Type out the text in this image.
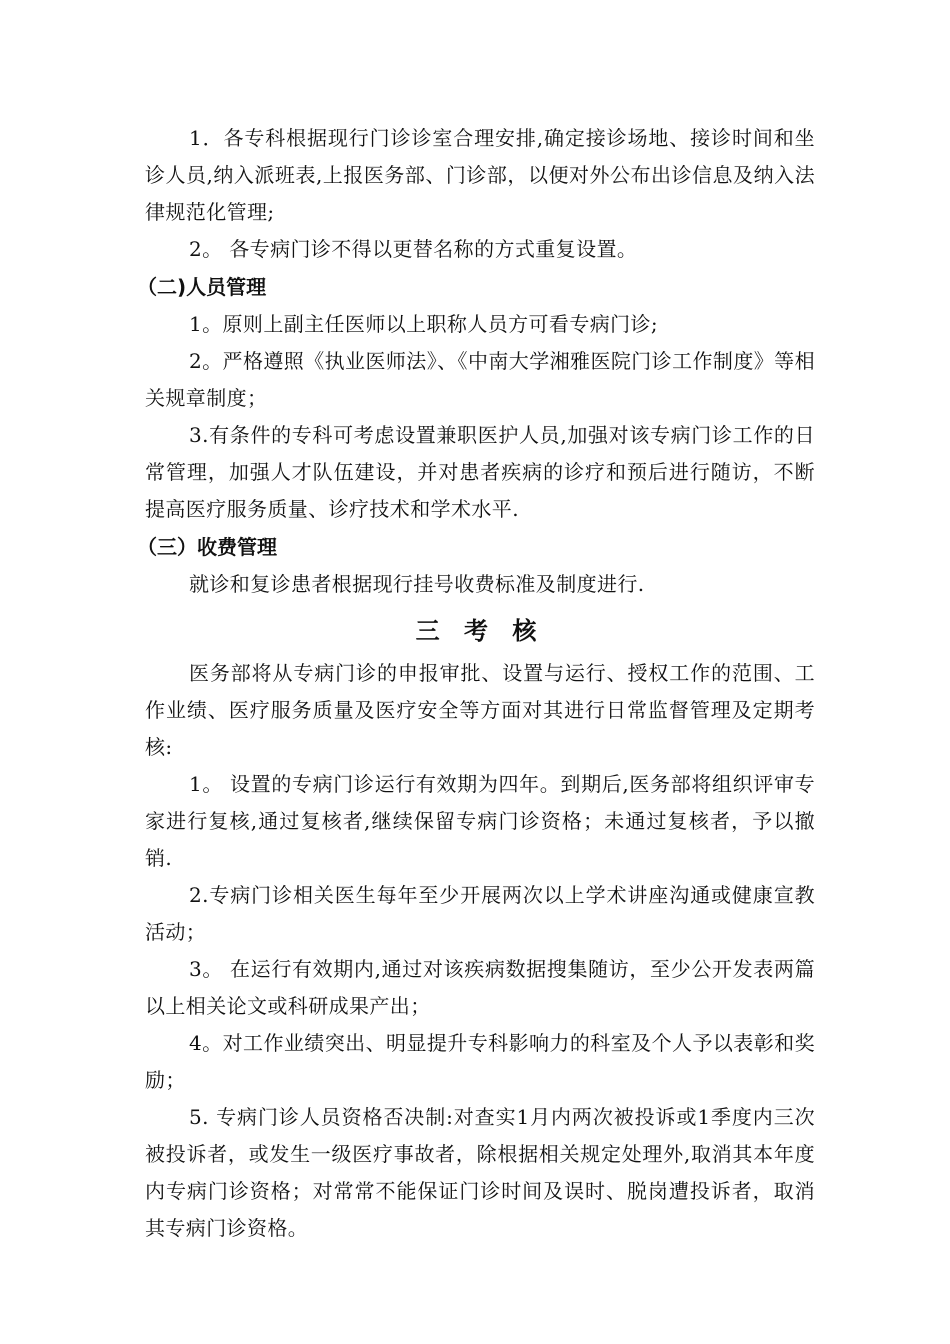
1．各专科根据现行门诊诊室合理安排,确定接诊场地、接诊时间和坐诊人员,纳入派班表,上报医务部、门诊部，以便对外公布出诊信息及纳入法律规范化管理;

2。 各专病门诊不得以更替名称的方式重复设置。

（二)人员管理

1。原则上副主任医师以上职称人员方可看专病门诊;

2。严格遵照《执业医师法》、《中南大学湘雅医院门诊工作制度》等相关规章制度；

3.有条件的专科可考虑设置兼职医护人员,加强对该专病门诊工作的日常管理，加强人才队伍建设，并对患者疾病的诊疗和预后进行随访，不断提高医疗服务质量、诊疗技术和学术水平.

（三）收费管理

就诊和复诊患者根据现行挂号收费标准及制度进行.

三 考 核

医务部将从专病门诊的申报审批、设置与运行、授权工作的范围、工作业绩、医疗服务质量及医疗安全等方面对其进行日常监督管理及定期考核:

1。 设置的专病门诊运行有效期为四年。到期后,医务部将组织评审专家进行复核,通过复核者,继续保留专病门诊资格；未通过复核者，予以撤销.

2.专病门诊相关医生每年至少开展两次以上学术讲座沟通或健康宣教活动；

3。 在运行有效期内,通过对该疾病数据搜集随访，至少公开发表两篇以上相关论文或科研成果产出；

4。对工作业绩突出、明显提升专科影响力的科室及个人予以表彰和奖励；

5. 专病门诊人员资格否决制:对查实1月内两次被投诉或1季度内三次被投诉者，或发生一级医疗事故者，除根据相关规定处理外,取消其本年度内专病门诊资格；对常常不能保证门诊时间及误时、脱岗遭投诉者，取消其专病门诊资格。
